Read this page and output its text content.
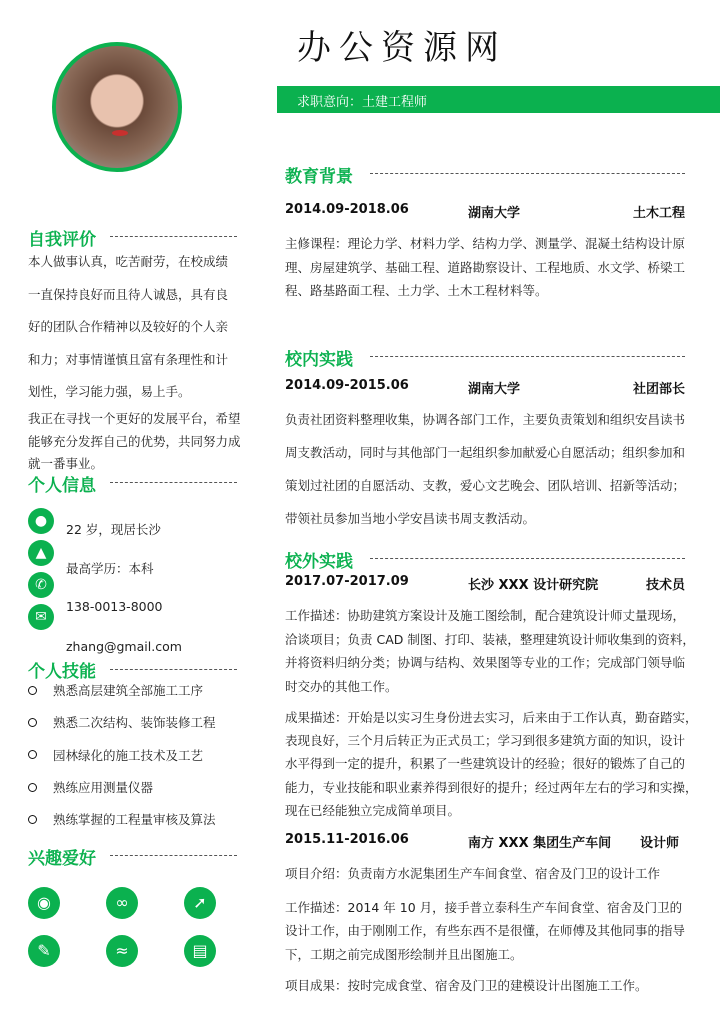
办公资源网
求职意向：土建工程师
自我评价
本人做事认真，吃苦耐劳，在校成绩
一直保持良好而且待人诚恳，具有良
好的团队合作精神以及较好的个人亲
和力；对事情谨慎且富有条理性和计
划性，学习能力强，易上手。
我正在寻找一个更好的发展平台，希望
能够充分发挥自己的优势，共同努力成
就一番事业。
个人信息
●
▲
✆
✉
22 岁，现居长沙
最高学历：本科
138-0013-8000
zhang@gmail.com
个人技能
熟悉高层建筑全部施工工序
熟悉二次结构、装饰装修工程
园林绿化的施工技术及工艺
熟练应用测量仪器
熟练掌握的工程量审核及算法
兴趣爱好
◉	∞	➚
✎	≈	▤
教育背景
2014.09-2018.06	湖南大学	土木工程
主修课程：理论力学、材料力学、结构力学、测量学、混凝土结构设计原
理、房屋建筑学、基础工程、道路勘察设计、工程地质、水文学、桥梁工
程、路基路面工程、土力学、土木工程材料等。
校内实践
2014.09-2015.06	湖南大学	社团部长
负责社团资料整理收集，协调各部门工作，主要负责策划和组织安昌读书
周支教活动，同时与其他部门一起组织参加献爱心自愿活动；组织参加和
策划过社团的自愿活动、支教，爱心文艺晚会、团队培训、招新等活动；
带领社员参加当地小学安昌读书周支教活动。
校外实践
2017.07-2017.09	长沙 XXX 设计研究院	技术员
工作描述：协助建筑方案设计及施工图绘制，配合建筑设计师丈量现场，
洽谈项目；负责 CAD 制图、打印、装裱，整理建筑设计师收集到的资料，
并将资料归纳分类；协调与结构、效果图等专业的工作；完成部门领导临
时交办的其他工作。
成果描述：开始是以实习生身份进去实习，后来由于工作认真，勤奋踏实，
表现良好，三个月后转正为正式员工；学习到很多建筑方面的知识，设计
水平得到一定的提升，积累了一些建筑设计的经验；很好的锻炼了自己的
能力，专业技能和职业素养得到很好的提升；经过两年左右的学习和实操，
现在已经能独立完成简单项目。
2015.11-2016.06	南方 XXX 集团生产车间 设计师
项目介绍：负责南方水泥集团生产车间食堂、宿舍及门卫的设计工作
工作描述：2014 年 10 月，接手普立泰科生产车间食堂、宿舍及门卫的
设计工作，由于刚刚工作，有些东西不是很懂，在师傅及其他同事的指导
下，工期之前完成图形绘制并且出图施工。
项目成果：按时完成食堂、宿舍及门卫的建模设计出图施工工作。
